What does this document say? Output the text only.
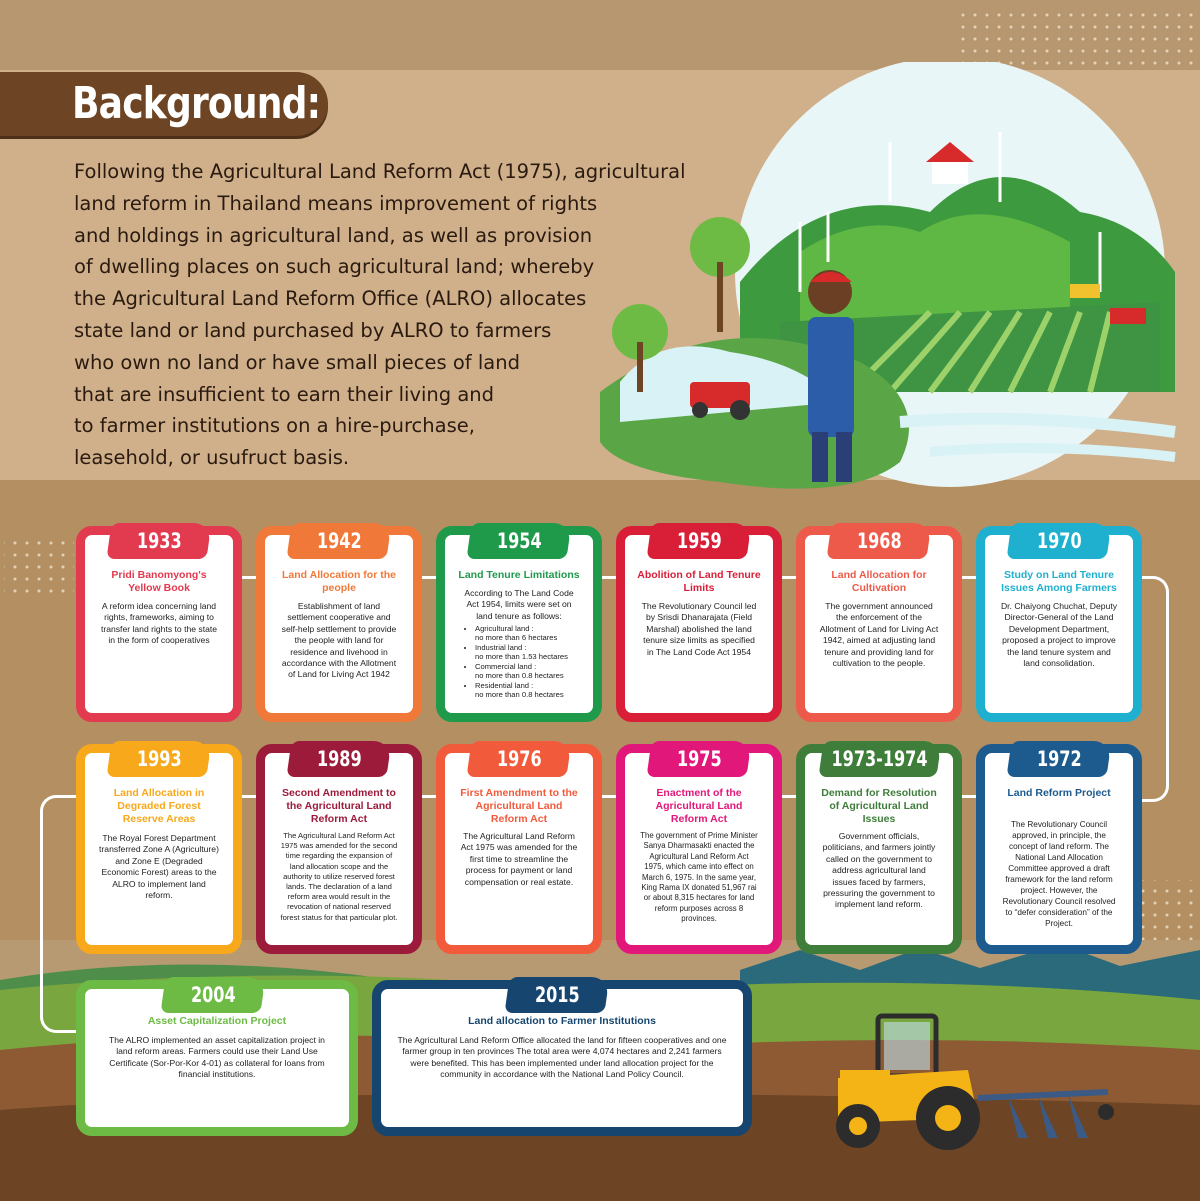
Background:

Following the Agricultural Land Reform Act (1975), agricultural
land reform in Thailand means improvement of rights
and holdings in agricultural land, as well as provision
of dwelling places on such agricultural land; whereby
the Agricultural Land Reform Office (ALRO) allocates
state land or land purchased by ALRO to farmers
who own no land or have small pieces of land
that are insufficient to earn their living and
to farmer institutions on a hire-purchase,
leasehold, or usufruct basis.

1933
Pridi Banomyong's Yellow Book
A reform idea concerning land rights, frameworks, aiming to transfer land rights to the state in the form of cooperatives
1942
Land Allocation for the people
Establishment of land settlement cooperative and self-help settlement to provide the people with land for residence and livehood in accordance with the Allotment of Land for Living Act 1942
1954
Land Tenure Limitations
According to The Land Code Act 1954, limits were set on land tenure as follows:
• Agricultural land :
no more than 6 hectares
• Industrial land :
no more than 1.53 hectares
• Commercial land :
no more than 0.8 hectares
• Residential land :
no more than 0.8 hectares
1959
Abolition of Land Tenure Limits
The Revolutionary Council led by Srisdi Dhanarajata (Field Marshal) abolished the land tenure size limits as specified in The Land Code Act 1954
1968
Land Allocation for Cultivation
The government announced the enforcement of the Allotment of Land for Living Act 1942, aimed at adjusting land tenure and providing land for cultivation to the people.
1970
Study on Land Tenure Issues Among Farmers
Dr. Chaiyong Chuchat, Deputy Director-General of the Land Development Department, proposed a project to improve the land tenure system and land consolidation.
1993
Land Allocation in Degraded Forest Reserve Areas
The Royal Forest Department transferred Zone A (Agriculture) and Zone E (Degraded Economic Forest) areas to the ALRO to implement land reform.
1989
Second Amendment to the Agricultural Land Reform Act
The Agricultural Land Reform Act 1975 was amended for the second time regarding the expansion of land allocation scope and the authority to utilize reserved forest lands. The declaration of a land reform area would result in the revocation of national reserved forest status for that particular plot.
1976
First Amendment to the Agricultural Land Reform Act
The Agricultural Land Reform Act 1975 was amended for the first time to streamline the process for payment or land compensation or real estate.
1975
Enactment of the Agricultural Land Reform Act
The government of Prime Minister Sanya Dharmasakti enacted the Agricultural Land Reform Act 1975, which came into effect on March 6, 1975. In the same year, King Rama IX donated 51,967 rai or about 8,315 hectares for land reform purposes across 8 provinces.
1973-1974
Demand for Resolution of Agricultural Land Issues
Government officials, politicians, and farmers jointly called on the government to address agricultural land issues faced by farmers, pressuring the government to implement land reform.
1972
Land Reform Project
The Revolutionary Council approved, in principle, the concept of land reform. The National Land Allocation Committee approved a draft framework for the land reform project. However, the Revolutionary Council resolved to “defer consideration” of the Project.
2004
Asset Capitalization Project
The ALRO implemented an asset capitalization project in land reform areas. Farmers could use their Land Use Certificate (Sor-Por-Kor 4-01) as collateral for loans from financial institutions.
2015
Land allocation to Farmer Institutions
The Agricultural Land Reform Office allocated the land for fifteen cooperatives and one farmer group in ten provinces The total area were 4,074 hectares and 2,241 farmers were benefited. This has been implemented under land allocation project for the community in accordance with the National Land Policy Council.
